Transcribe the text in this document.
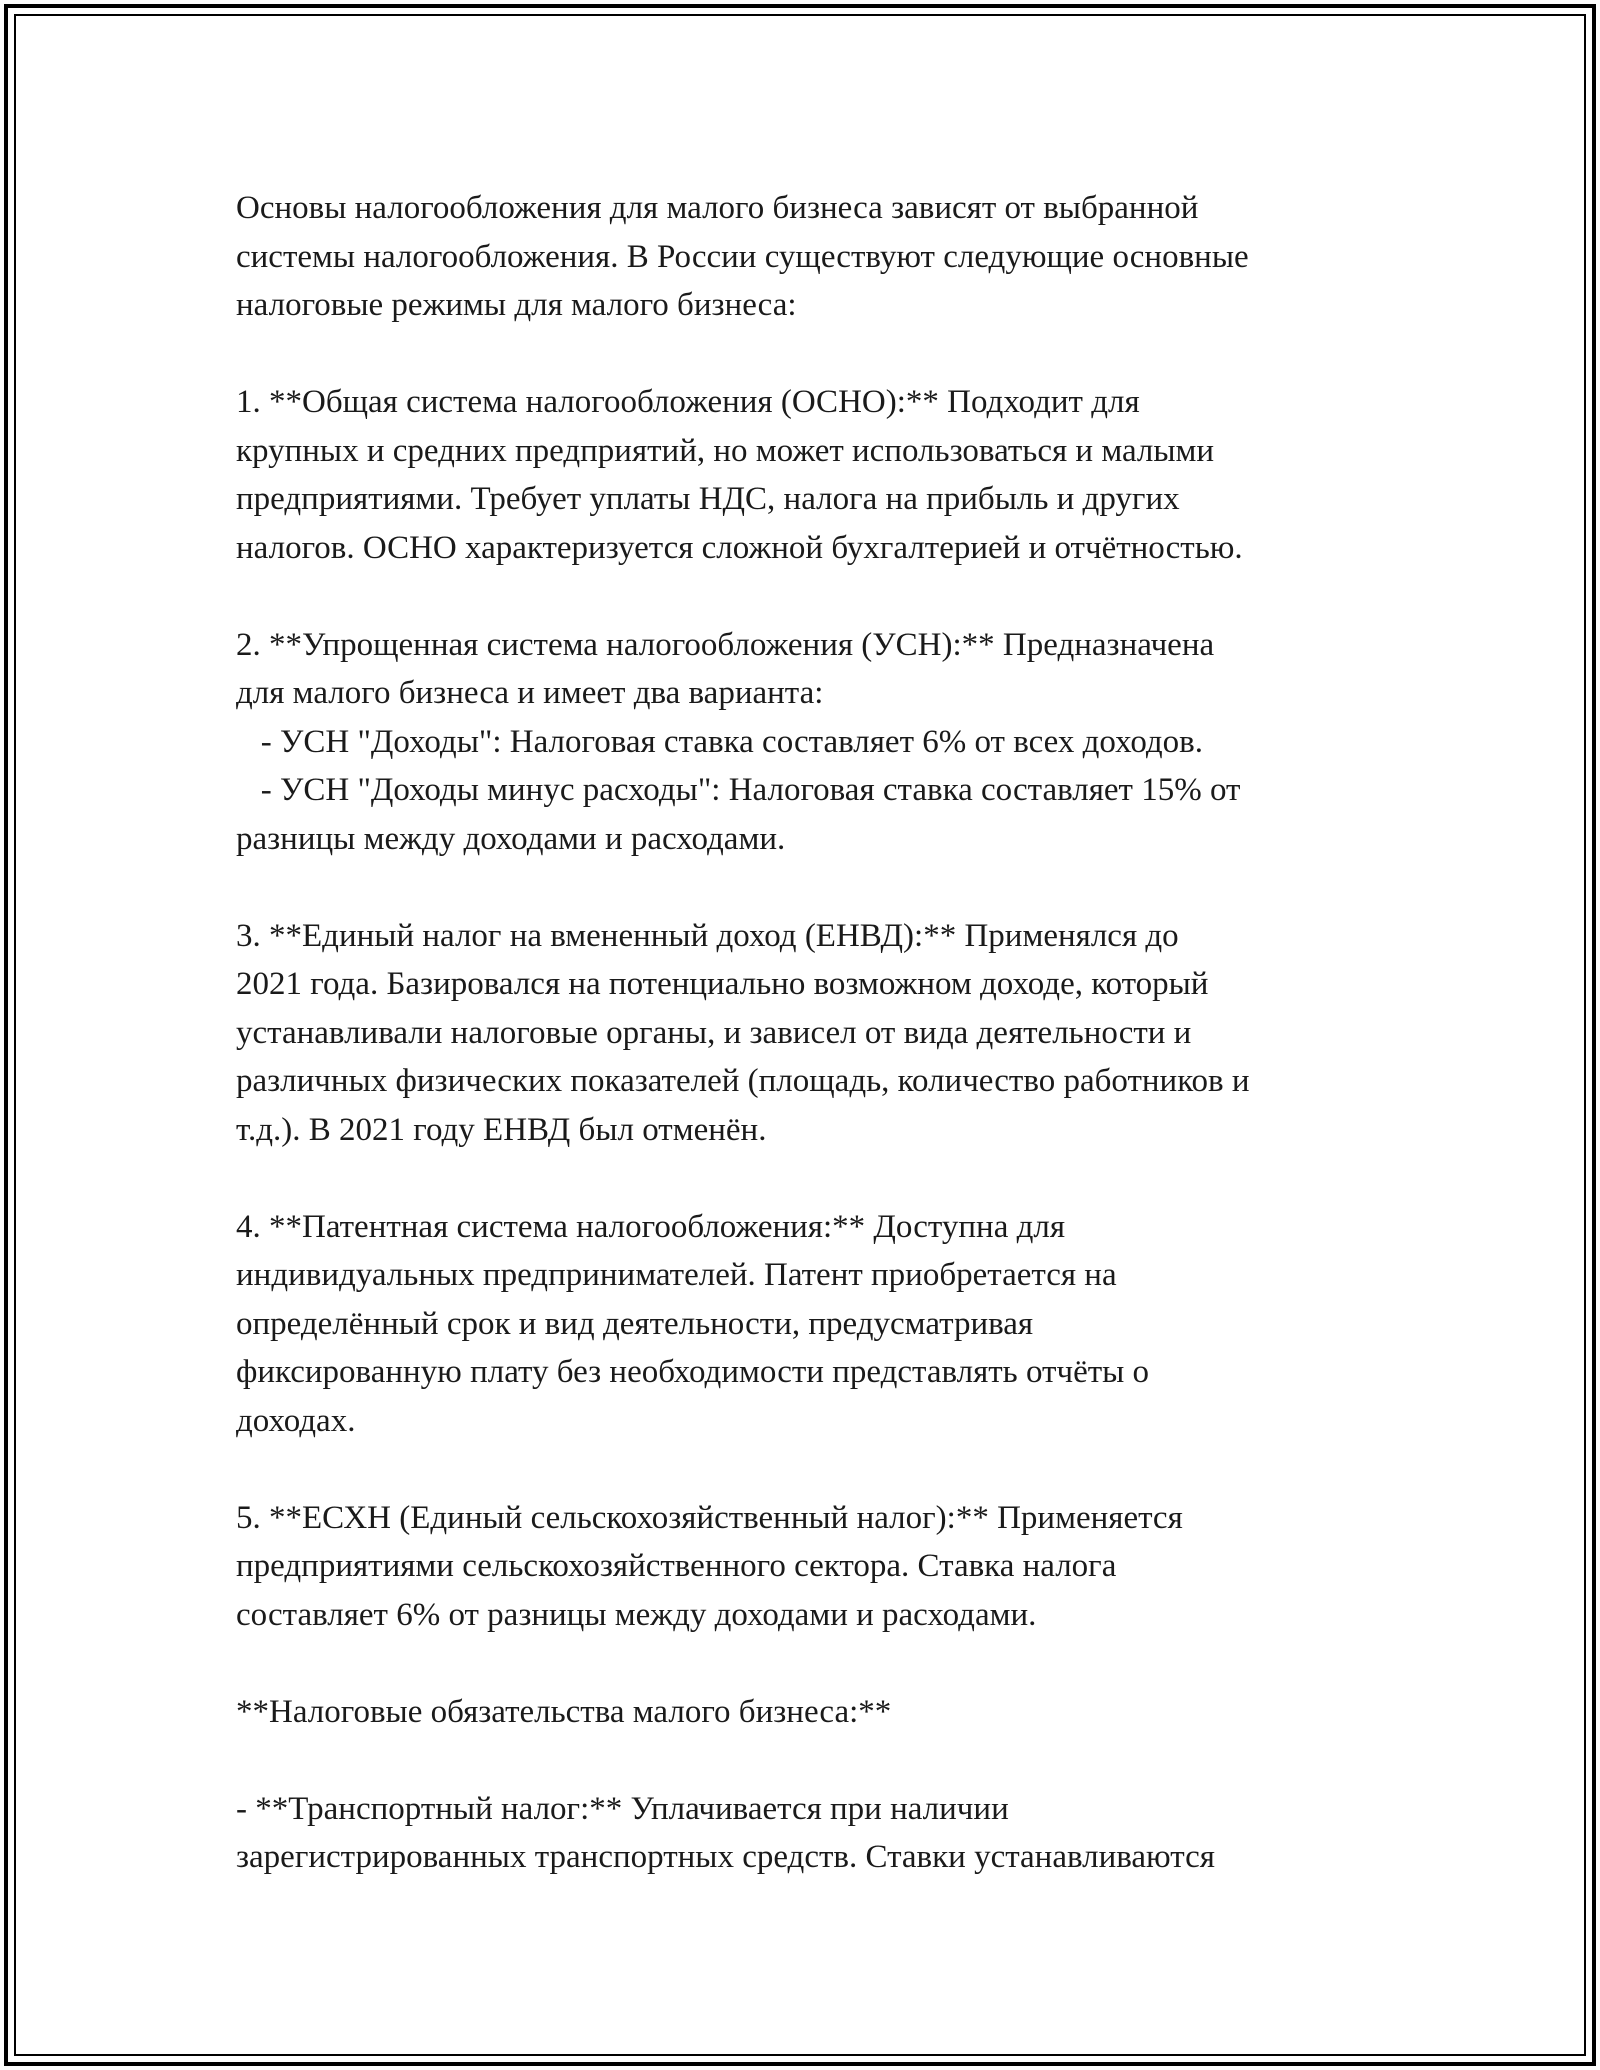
Основы налогообложения для малого бизнеса зависят от выбранной
системы налогообложения. В России существуют следующие основные
налоговые режимы для малого бизнеса:
1. **Общая система налогообложения (ОСНО):** Подходит для
крупных и средних предприятий, но может использоваться и малыми
предприятиями. Требует уплаты НДС, налога на прибыль и других
налогов. ОСНО характеризуется сложной бухгалтерией и отчётностью.
2. **Упрощенная система налогообложения (УСН):** Предназначена
для малого бизнеса и имеет два варианта:
- УСН "Доходы": Налоговая ставка составляет 6% от всех доходов.
- УСН "Доходы минус расходы": Налоговая ставка составляет 15% от
разницы между доходами и расходами.
3. **Единый налог на вмененный доход (ЕНВД):** Применялся до
2021 года. Базировался на потенциально возможном доходе, который
устанавливали налоговые органы, и зависел от вида деятельности и
различных физических показателей (площадь, количество работников и
т.д.). В 2021 году ЕНВД был отменён.
4. **Патентная система налогообложения:** Доступна для
индивидуальных предпринимателей. Патент приобретается на
определённый срок и вид деятельности, предусматривая
фиксированную плату без необходимости представлять отчёты о
доходах.
5. **ЕСХН (Единый сельскохозяйственный налог):** Применяется
предприятиями сельскохозяйственного сектора. Ставка налога
составляет 6% от разницы между доходами и расходами.
**Налоговые обязательства малого бизнеса:**
- **Транспортный налог:** Уплачивается при наличии
зарегистрированных транспортных средств. Ставки устанавливаются
